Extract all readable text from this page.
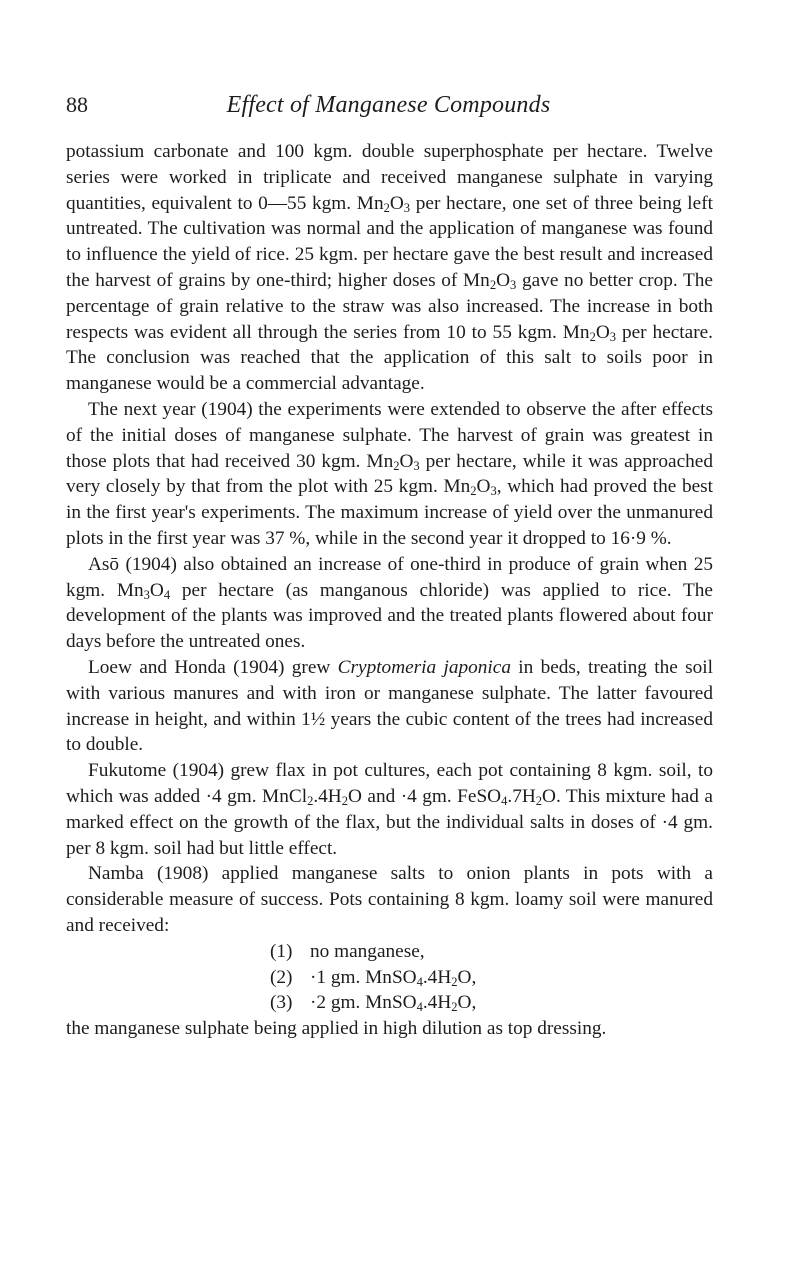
88	Effect of Manganese Compounds

potassium carbonate and 100 kgm. double superphosphate per hectare. Twelve series were worked in triplicate and received manganese sulphate in varying quantities, equivalent to 0—55 kgm. $Mn_2O_3$ per hectare, one set of three being left untreated. The cultivation was normal and the application of manganese was found to influence the yield of rice. 25 kgm. per hectare gave the best result and increased the harvest of grains by one-third; higher doses of $Mn_2O_3$ gave no better crop. The percentage of grain relative to the straw was also increased. The increase in both respects was evident all through the series from 10 to 55 kgm. $Mn_2O_3$ per hectare. The conclusion was reached that the application of this salt to soils poor in manganese would be a commercial advantage.

The next year (1904) the experiments were extended to observe the after effects of the initial doses of manganese sulphate. The harvest of grain was greatest in those plots that had received 30 kgm. $Mn_2O_3$ per hectare, while it was approached very closely by that from the plot with 25 kgm. $Mn_2O_3$, which had proved the best in the first year's experiments. The maximum increase of yield over the unmanured plots in the first year was 37 %, while in the second year it dropped to 16·9 %.

Asō (1904) also obtained an increase of one-third in produce of grain when 25 kgm. $Mn_3O_4$ per hectare (as manganous chloride) was applied to rice. The development of the plants was improved and the treated plants flowered about four days before the untreated ones.

Loew and Honda (1904) grew Cryptomeria japonica in beds, treating the soil with various manures and with iron or manganese sulphate. The latter favoured increase in height, and within 1½ years the cubic content of the trees had increased to double.

Fukutome (1904) grew flax in pot cultures, each pot containing 8 kgm. soil, to which was added ·4 gm. $MnCl_2.4H_2O$ and ·4 gm. $FeSO_4.7H_2O$. This mixture had a marked effect on the growth of the flax, but the individual salts in doses of ·4 gm. per 8 kgm. soil had but little effect.

Namba (1908) applied manganese salts to onion plants in pots with a considerable measure of success. Pots containing 8 kgm. loamy soil were manured and received:

(1) no manganese,
(2) ·1 gm. $MnSO_4.4H_2O$,
(3) ·2 gm. $MnSO_4.4H_2O$,

the manganese sulphate being applied in high dilution as top dressing.
